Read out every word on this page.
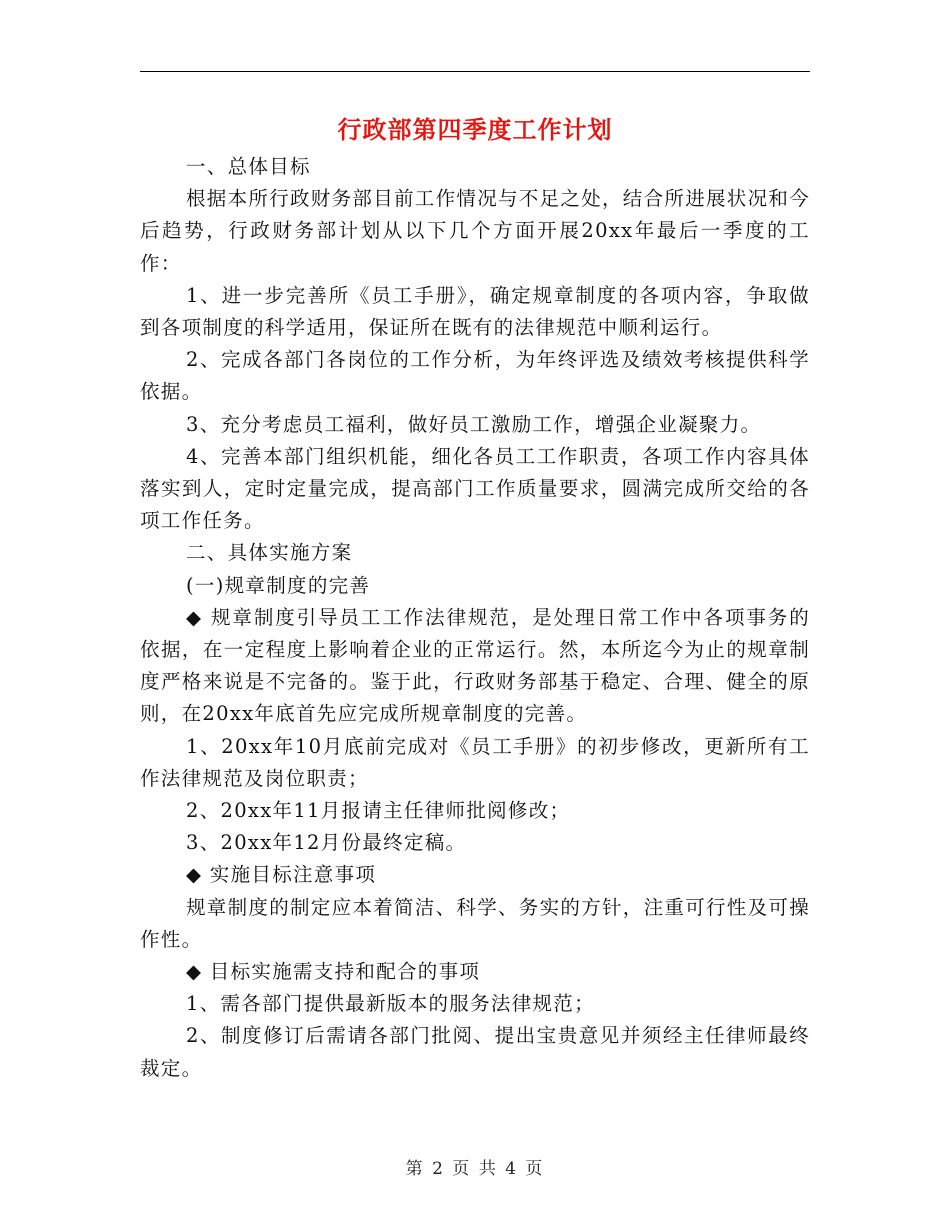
行政部第四季度工作计划

一、总体目标

根据本所行政财务部目前工作情况与不足之处，结合所进展状况和今后趋势，行政财务部计划从以下几个方面开展20xx年最后一季度的工作：

1、进一步完善所《员工手册》，确定规章制度的各项内容，争取做到各项制度的科学适用，保证所在既有的法律规范中顺利运行。

2、完成各部门各岗位的工作分析，为年终评选及绩效考核提供科学依据。

3、充分考虑员工福利，做好员工激励工作，增强企业凝聚力。

4、完善本部门组织机能，细化各员工工作职责，各项工作内容具体落实到人，定时定量完成，提高部门工作质量要求，圆满完成所交给的各项工作任务。

二、具体实施方案

(一)规章制度的完善

◆ 规章制度引导员工工作法律规范，是处理日常工作中各项事务的依据，在一定程度上影响着企业的正常运行。然，本所迄今为止的规章制度严格来说是不完备的。鉴于此，行政财务部基于稳定、合理、健全的原则，在20xx年底首先应完成所规章制度的完善。

1、20xx年10月底前完成对《员工手册》的初步修改，更新所有工作法律规范及岗位职责；

2、20xx年11月报请主任律师批阅修改；

3、20xx年12月份最终定稿。

◆ 实施目标注意事项

规章制度的制定应本着简洁、科学、务实的方针，注重可行性及可操作性。

◆ 目标实施需支持和配合的事项

1、需各部门提供最新版本的服务法律规范；

2、制度修订后需请各部门批阅、提出宝贵意见并须经主任律师最终裁定。

第 2 页 共 4 页
